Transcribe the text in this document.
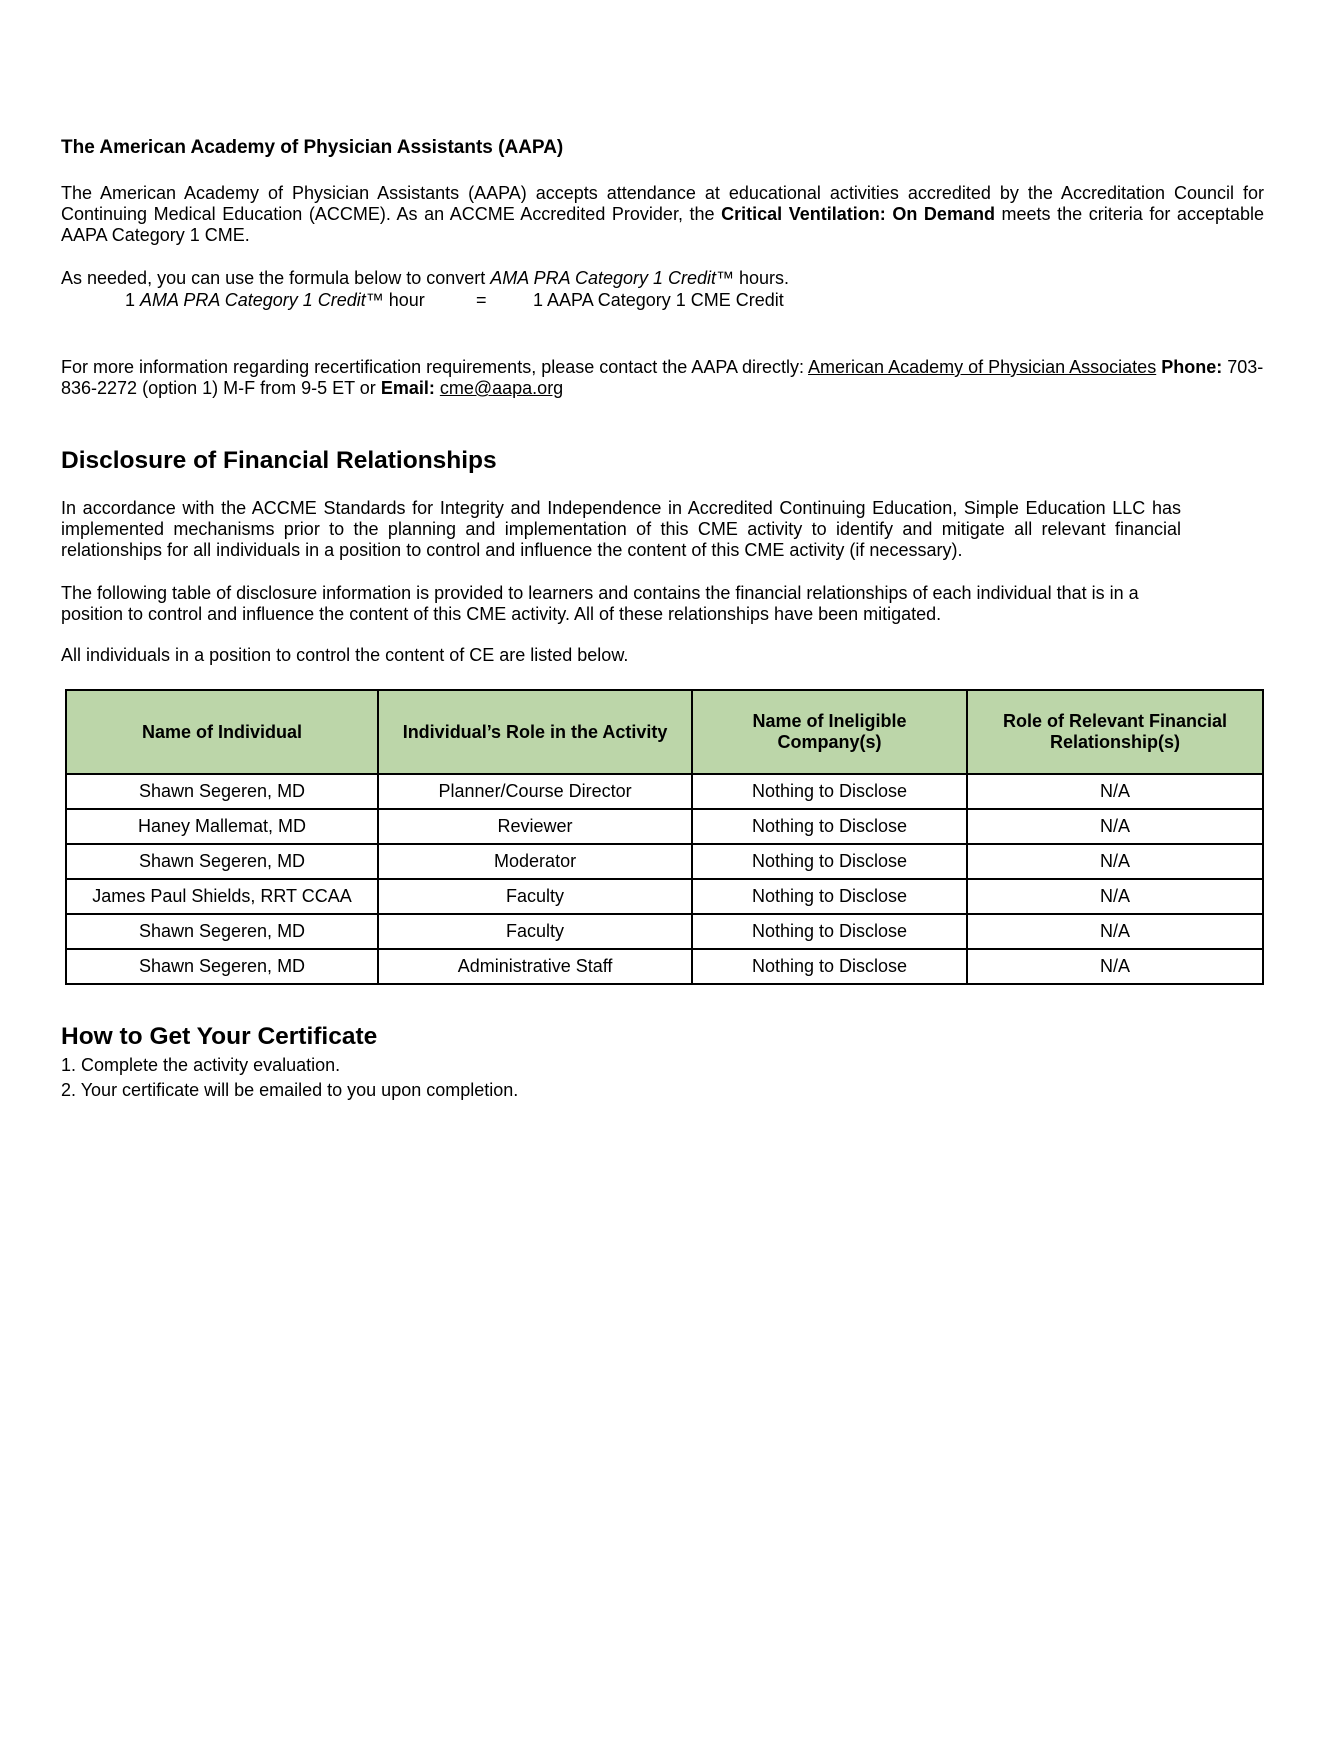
The American Academy of Physician Assistants (AAPA)
The American Academy of Physician Assistants (AAPA) accepts attendance at educational activities accredited by the Accreditation Council for Continuing Medical Education (ACCME). As an ACCME Accredited Provider, the Critical Ventilation: On Demand meets the criteria for acceptable AAPA Category 1 CME.
As needed, you can use the formula below to convert AMA PRA Category 1 Credit™ hours.
1 AMA PRA Category 1 Credit™ hour	=	1 AAPA Category 1 CME Credit
For more information regarding recertification requirements, please contact the AAPA directly: American Academy of Physician Associates Phone: 703-836-2272 (option 1) M-F from 9-5 ET or Email: cme@aapa.org
Disclosure of Financial Relationships
In accordance with the ACCME Standards for Integrity and Independence in Accredited Continuing Education, Simple Education LLC has implemented mechanisms prior to the planning and implementation of this CME activity to identify and mitigate all relevant financial relationships for all individuals in a position to control and influence the content of this CME activity (if necessary).
The following table of disclosure information is provided to learners and contains the financial relationships of each individual that is in a position to control and influence the content of this CME activity. All of these relationships have been mitigated.
All individuals in a position to control the content of CE are listed below.
Name of Individual	Individual’s Role in the Activity	Name of Ineligible Company(s)	Role of Relevant Financial Relationship(s)
Shawn Segeren, MD	Planner/Course Director	Nothing to Disclose	N/A
Haney Mallemat, MD	Reviewer	Nothing to Disclose	N/A
Shawn Segeren, MD	Moderator	Nothing to Disclose	N/A
James Paul Shields, RRT CCAA	Faculty	Nothing to Disclose	N/A
Shawn Segeren, MD	Faculty	Nothing to Disclose	N/A
Shawn Segeren, MD	Administrative Staff	Nothing to Disclose	N/A
How to Get Your Certificate
1. Complete the activity evaluation.
2. Your certificate will be emailed to you upon completion.
